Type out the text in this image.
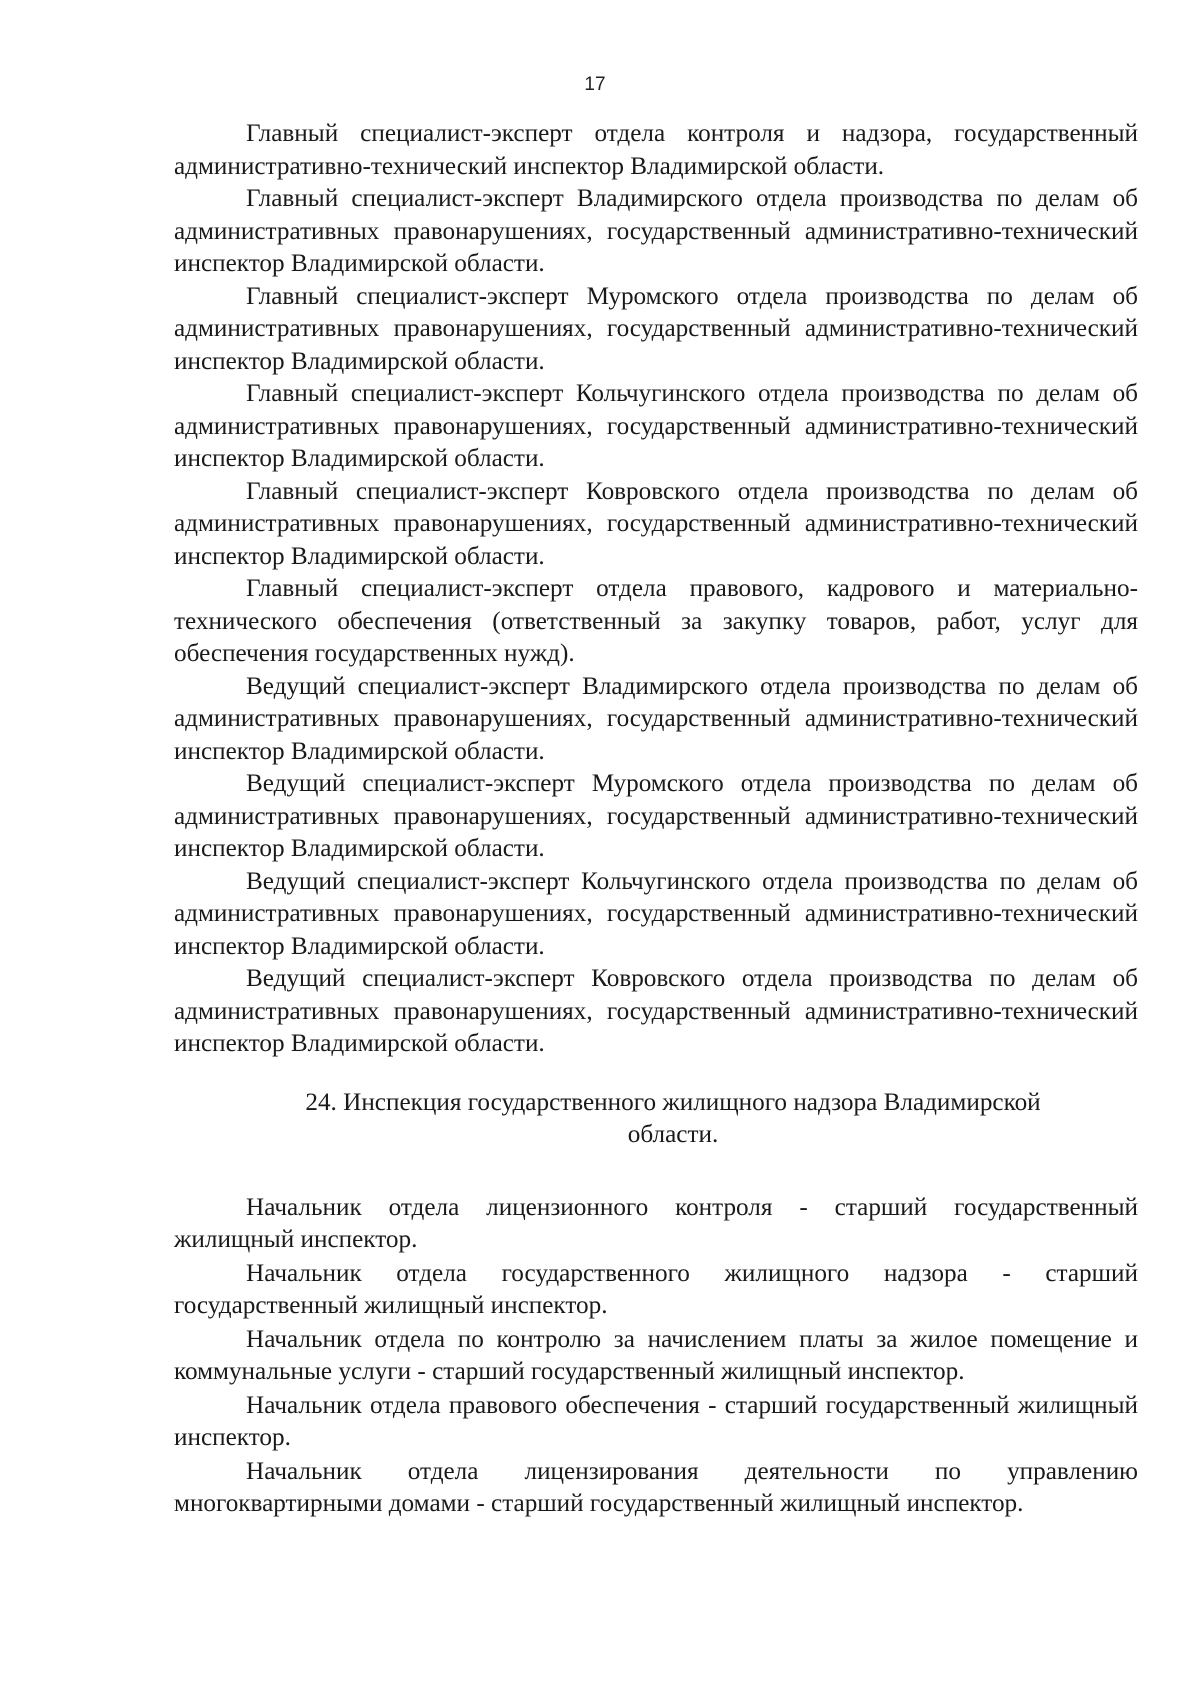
17

Главный специалист-эксперт отдела контроля и надзора, государственный административно-технический инспектор Владимирской области.

Главный специалист-эксперт Владимирского отдела производства по делам об административных правонарушениях, государственный административно-технический инспектор Владимирской области.

Главный специалист-эксперт Муромского отдела производства по делам об административных правонарушениях, государственный административно-технический инспектор Владимирской области.

Главный специалист-эксперт Кольчугинского отдела производства по делам об административных правонарушениях, государственный административно-технический инспектор Владимирской области.

Главный специалист-эксперт Ковровского отдела производства по делам об административных правонарушениях, государственный административно-технический инспектор Владимирской области.

Главный специалист-эксперт отдела правового, кадрового и материально-технического обеспечения (ответственный за закупку товаров, работ, услуг для обеспечения государственных нужд).

Ведущий специалист-эксперт Владимирского отдела производства по делам об административных правонарушениях, государственный административно-технический инспектор Владимирской области.

Ведущий специалист-эксперт Муромского отдела производства по делам об административных правонарушениях, государственный административно-технический инспектор Владимирской области.

Ведущий специалист-эксперт Кольчугинского отдела производства по делам об административных правонарушениях, государственный административно-технический инспектор Владимирской области.

Ведущий специалист-эксперт Ковровского отдела производства по делам об административных правонарушениях, государственный административно-технический инспектор Владимирской области.

24. Инспекция государственного жилищного надзора Владимирской
области.

Начальник отдела лицензионного контроля - старший государственный жилищный инспектор.

Начальник отдела государственного жилищного надзора - старший государственный жилищный инспектор.

Начальник отдела по контролю за начислением платы за жилое помещение и коммунальные услуги - старший государственный жилищный инспектор.

Начальник отдела правового обеспечения - старший государственный жилищный инспектор.

Начальник отдела лицензирования деятельности по управлению многоквартирными домами - старший государственный жилищный инспектор.
